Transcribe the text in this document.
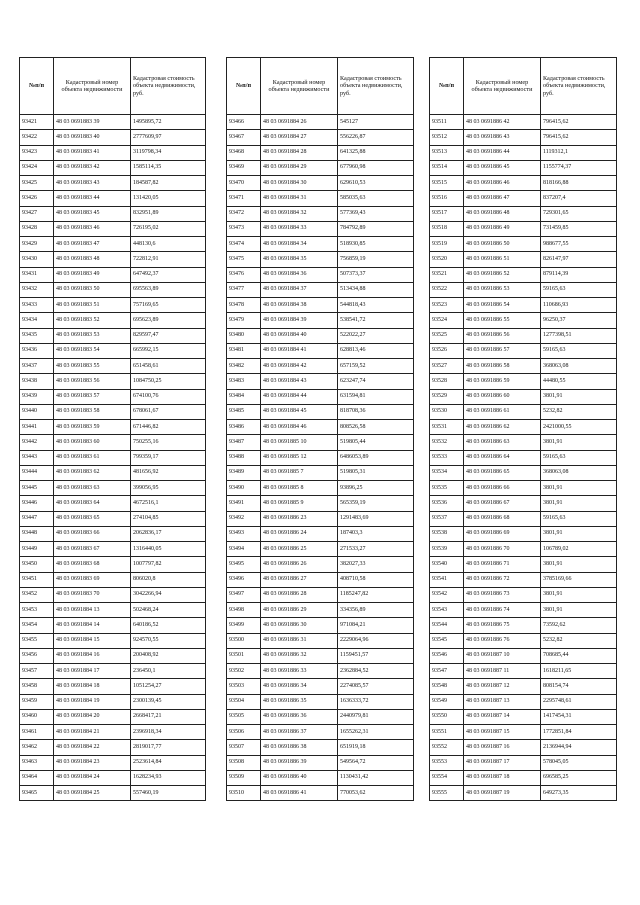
№п/п	Кадастровый номер объекта недвижимости	Кадастровая стоимость объекта недвижимости, руб.
93421	48 03 0691883 39	1495895,72
93422	48 03 0691883 40	2777609,97
93423	48 03 0691883 41	3119798,34
93424	48 03 0691883 42	1585114,35
93425	48 03 0691883 43	184587,82
93426	48 03 0691883 44	131420,05
93427	48 03 0691883 45	832951,89
93428	48 03 0691883 46	726195,02
93429	48 03 0691883 47	448130,6
93430	48 03 0691883 48	722812,91
93431	48 03 0691883 49	647492,37
93432	48 03 0691883 50	695563,89
93433	48 03 0691883 51	757169,65
93434	48 03 0691883 52	695623,89
93435	48 03 0691883 53	829597,47
93436	48 03 0691883 54	665992,15
93437	48 03 0691883 55	651458,61
93438	48 03 0691883 56	1084750,25
93439	48 03 0691883 57	674100,76
93440	48 03 0691883 58	678061,67
93441	48 03 0691883 59	671446,82
93442	48 03 0691883 60	750255,16
93443	48 03 0691883 61	799359,17
93444	48 03 0691883 62	481656,92
93445	48 03 0691883 63	399056,95
93446	48 03 0691883 64	4672516,1
93447	48 03 0691883 65	274104,85
93448	48 03 0691883 66	2062836,17
93449	48 03 0691883 67	1316440,05
93450	48 03 0691883 68	1007797,82
93451	48 03 0691883 69	806020,8
93452	48 03 0691883 70	3042266,94
93453	48 03 0691884 13	502468,24
93454	48 03 0691884 14	640186,52
93455	48 03 0691884 15	924570,55
93456	48 03 0691884 16	200408,92
93457	48 03 0691884 17	236450,1
93458	48 03 0691884 18	1051254,27
93459	48 03 0691884 19	2300139,45
93460	48 03 0691884 20	2668417,21
93461	48 03 0691884 21	2396918,34
93462	48 03 0691884 22	2819017,77
93463	48 03 0691884 23	2523614,84
93464	48 03 0691884 24	1628234,93
93465	48 03 0691884 25	557460,19
№п/п	Кадастровый номер объекта недвижимости	Кадастровая стоимость объекта недвижимости, руб.
93466	48 03 0691884 26	545127
93467	48 03 0691884 27	556226,87
93468	48 03 0691884 28	641325,88
93469	48 03 0691884 29	677960,98
93470	48 03 0691884 30	629610,53
93471	48 03 0691884 31	585035,63
93472	48 03 0691884 32	577369,43
93473	48 03 0691884 33	784792,89
93474	48 03 0691884 34	518930,85
93475	48 03 0691884 35	756859,19
93476	48 03 0691884 36	507373,37
93477	48 03 0691884 37	513434,88
93478	48 03 0691884 38	544818,43
93479	48 03 0691884 39	538541,72
93480	48 03 0691884 40	522022,27
93481	48 03 0691884 41	628813,46
93482	48 03 0691884 42	657159,52
93483	48 03 0691884 43	623247,74
93484	48 03 0691884 44	631594,81
93485	48 03 0691884 45	818708,36
93486	48 03 0691884 46	808526,58
93487	48 03 0691885 10	519805,44
93488	48 03 0691885 12	6486053,89
93489	48 03 0691885 7	519805,31
93490	48 03 0691885 8	93896,25
93491	48 03 0691885 9	565359,19
93492	48 03 0691886 23	1291483,69
93493	48 03 0691886 24	187403,3
93494	48 03 0691886 25	271533,27
93495	48 03 0691886 26	382027,33
93496	48 03 0691886 27	408710,58
93497	48 03 0691886 28	1185247,82
93498	48 03 0691886 29	334356,89
93499	48 03 0691886 30	971084,21
93500	48 03 0691886 31	2229064,96
93501	48 03 0691886 32	1159451,57
93502	48 03 0691886 33	2362884,52
93503	48 03 0691886 34	2274085,57
93504	48 03 0691886 35	1636333,72
93505	48 03 0691886 36	2440979,81
93506	48 03 0691886 37	1655262,31
93507	48 03 0691886 38	651919,18
93508	48 03 0691886 39	549564,72
93509	48 03 0691886 40	1130431,42
93510	48 03 0691886 41	770053,62
№п/п	Кадастровый номер объекта недвижимости	Кадастровая стоимость объекта недвижимости, руб.
93511	48 03 0691886 42	796415,62
93512	48 03 0691886 43	796415,62
93513	48 03 0691886 44	1119312,1
93514	48 03 0691886 45	1155774,37
93515	48 03 0691886 46	818166,88
93516	48 03 0691886 47	837207,4
93517	48 03 0691886 48	729301,65
93518	48 03 0691886 49	731459,85
93519	48 03 0691886 50	988677,55
93520	48 03 0691886 51	826147,97
93521	48 03 0691886 52	879114,39
93522	48 03 0691886 53	59165,63
93523	48 03 0691886 54	110686,93
93524	48 03 0691886 55	96250,37
93525	48 03 0691886 56	1277398,51
93526	48 03 0691886 57	59165,63
93527	48 03 0691886 58	368063,08
93528	48 03 0691886 59	44480,55
93529	48 03 0691886 60	3801,91
93530	48 03 0691886 61	5232,82
93531	48 03 0691886 62	2421000,55
93532	48 03 0691886 63	3801,91
93533	48 03 0691886 64	59165,63
93534	48 03 0691886 65	368063,08
93535	48 03 0691886 66	3801,91
93536	48 03 0691886 67	3801,91
93537	48 03 0691886 68	59165,63
93538	48 03 0691886 69	3801,91
93539	48 03 0691886 70	106789,02
93540	48 03 0691886 71	3801,91
93541	48 03 0691886 72	3785169,66
93542	48 03 0691886 73	3801,91
93543	48 03 0691886 74	3801,91
93544	48 03 0691886 75	73592,62
93545	48 03 0691886 76	5232,82
93546	48 03 0691887 10	708685,44
93547	48 03 0691887 11	1618211,65
93548	48 03 0691887 12	808154,74
93549	48 03 0691887 13	2295748,61
93550	48 03 0691887 14	1417454,31
93551	48 03 0691887 15	1772851,84
93552	48 03 0691887 16	2136944,94
93553	48 03 0691887 17	578045,05
93554	48 03 0691887 18	696585,25
93555	48 03 0691887 19	649273,35
